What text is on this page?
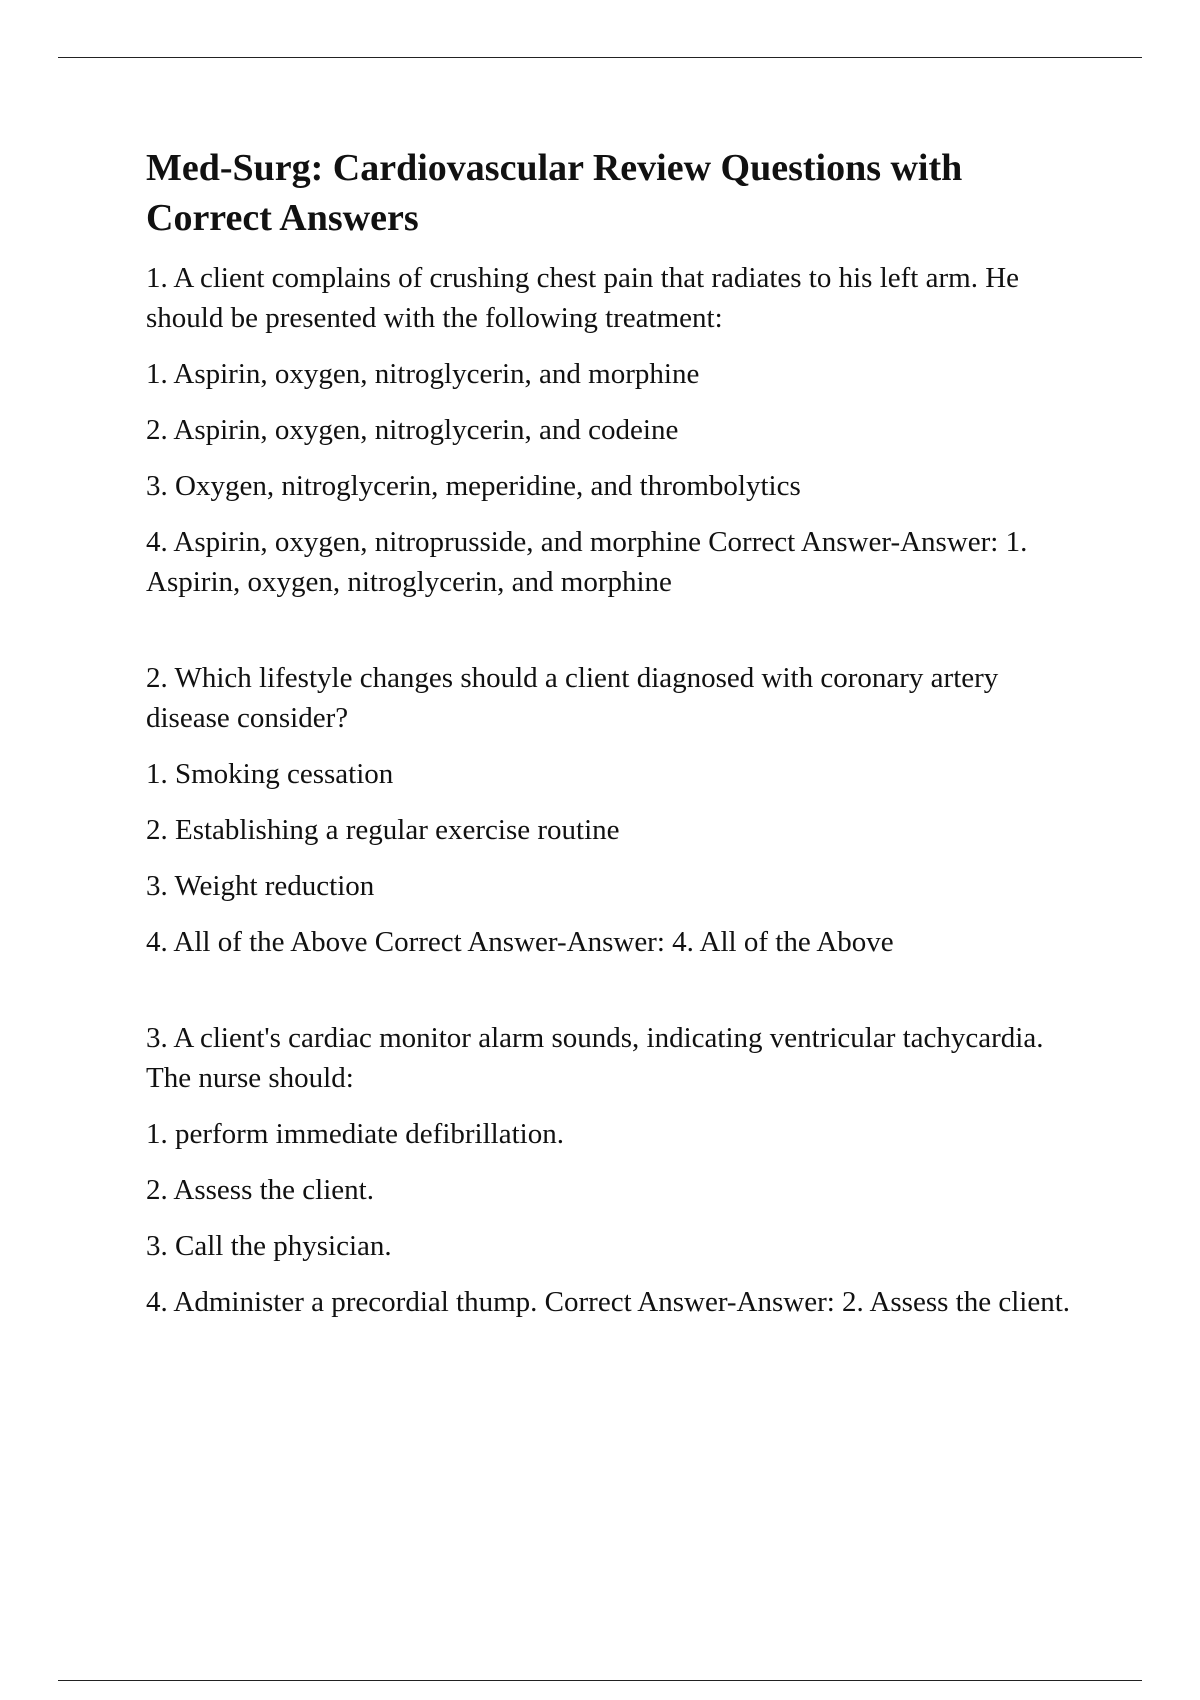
Med-Surg: Cardiovascular Review Questions with Correct Answers

1. A client complains of crushing chest pain that radiates to his left arm. He should be presented with the following treatment:

1. Aspirin, oxygen, nitroglycerin, and morphine

2. Aspirin, oxygen, nitroglycerin, and codeine

3. Oxygen, nitroglycerin, meperidine, and thrombolytics

4. Aspirin, oxygen, nitroprusside, and morphine Correct Answer-Answer: 1. Aspirin, oxygen, nitroglycerin, and morphine

2. Which lifestyle changes should a client diagnosed with coronary artery disease consider?

1. Smoking cessation

2. Establishing a regular exercise routine

3. Weight reduction

4. All of the Above Correct Answer-Answer: 4. All of the Above

3. A client's cardiac monitor alarm sounds, indicating ventricular tachycardia. The nurse should:

1. perform immediate defibrillation.

2. Assess the client.

3. Call the physician.

4. Administer a precordial thump. Correct Answer-Answer: 2. Assess the client.
